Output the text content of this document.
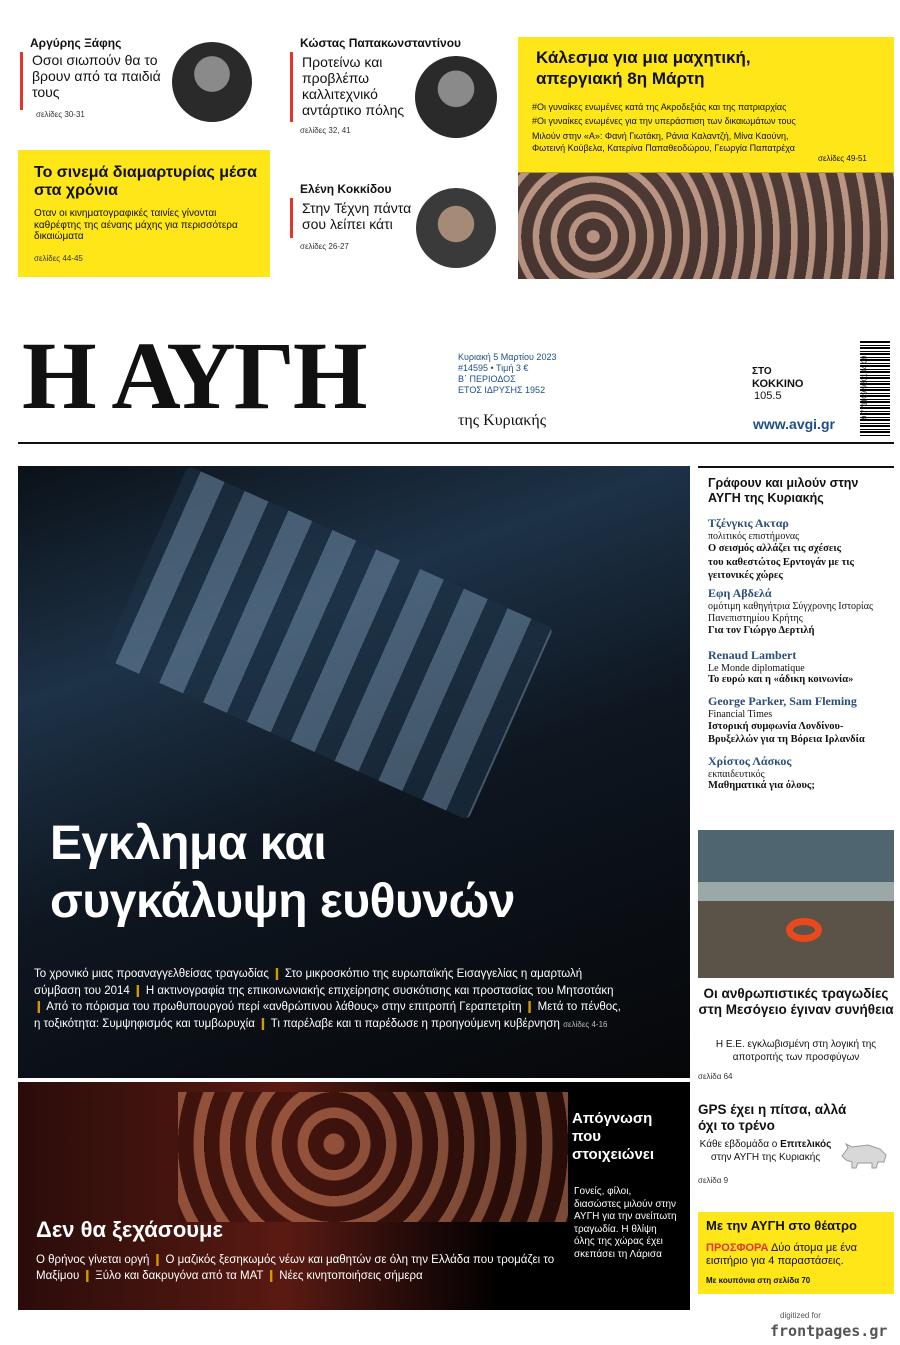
Αργύρης Ξάφης
Οσοι σιωπούν θα το βρουν από τα παιδιά τους
σελίδες 30-31
Κώστας Παπακωνσταντίνου
Προτείνω και προβλέπω καλλιτεχνικό αντάρτικο πόλης
σελίδες 32, 41
Το σινεμά διαμαρτυρίας μέσα στα χρόνια
Οταν οι κινηματογραφικές ταινίες γίνονται καθρέφτης της αέναης μάχης για περισσότερα δικαιώματα
σελίδες 44-45
Ελένη Κοκκίδου
Στην Τέχνη πάντα σου λείπει κάτι
σελίδες 26-27
Κάλεσμα για μια μαχητική, απεργιακή 8η Μάρτη
#Οι γυναίκες ενωμένες κατά της Ακροδεξιάς και της πατριαρχίας
#Οι γυναίκες ενωμένες για την υπεράσπιση των δικαιωμάτων τους
Μιλούν στην «Α»: Φανή Γιωτάκη, Ράνια Καλαντζή, Μίνα Καούνη, Φωτεινή Κούβελα, Κατερίνα Παπαθεοδώρου, Γεωργία Παπατρέχα
σελίδες 49-51
Η ΑΥΓΗ	της Κυριακής
Κυριακή 5 Μαρτίου 2023
#14595 • Τιμή 3 €
Β΄ ΠΕΡΙΟΔΟΣ
ΕΤΟΣ ΙΔΡΥΣΗΣ 1952
ΣΤΟ
ΚΟΚΚΙΝΟ
105.5
www.avgi.gr
9 771109 980104 09
Εγκλημα και
συγκάλυψη ευθυνών
Το χρονικό μιας προαναγγελθείσας τραγωδίας ❙ Στο μικροσκόπιο της ευρωπαϊκής Εισαγγελίας η αμαρτωλή σύμβαση του 2014 ❙ Η ακτινογραφία της επικοινωνιακής επιχείρησης συσκότισης και προστασίας του Μητσοτάκη ❙ Από το πόρισμα του πρωθυπουργού περί «ανθρώπινου λάθους» στην επιτροπή Γεραπετρίτη ❙ Μετά το πένθος, η τοξικότητα: Συμψηφισμός και τυμβωρυχία ❙ Τι παρέλαβε και τι παρέδωσε η προηγούμενη κυβέρνηση σελίδες 4-16
Δεν θα ξεχάσουμε
Ο θρήνος γίνεται οργή ❙ Ο μαζικός ξεσηκωμός νέων και μαθητών σε όλη την Ελλάδα που τρομάζει το Μαξίμου ❙ Ξύλο και δακρυγόνα από τα ΜΑΤ ❙ Νέες κινητοποιήσεις σήμερα
Απόγνωση που στοιχειώνει
Γονείς, φίλοι, διασώστες μιλούν στην ΑΥΓΗ για την ανείπωτη τραγωδία. Η θλίψη όλης της χώρας έχει σκεπάσει τη Λάρισα
Γράφουν και μιλούν στην ΑΥΓΗ της Κυριακής
Τζένγκις Ακταρ
πολιτικός επιστήμονας
Ο σεισμός αλλάζει τις σχέσεις του καθεστώτος Ερντογάν με τις γειτονικές χώρες
Εφη Αβδελά
ομότιμη καθηγήτρια Σύγχρονης Ιστορίας Πανεπιστημίου Κρήτης
Για τον Γιώργο Δερτιλή
Renaud Lambert
Le Monde diplomatique
Το ευρώ και η «άδικη κοινωνία»
George Parker, Sam Fleming
Financial Times
Ιστορική συμφωνία Λονδίνου-Βρυξελλών για τη Βόρεια Ιρλανδία
Χρίστος Λάσκος
εκπαιδευτικός
Μαθηματικά για όλους;
Οι ανθρωπιστικές τραγωδίες στη Μεσόγειο έγιναν συνήθεια
Η Ε.Ε. εγκλωβισμένη στη λογική της αποτροπής των προσφύγων
σελίδα 64
GPS έχει η πίτσα, αλλά όχι το τρένο
Κάθε εβδομάδα ο Επιτελικός στην ΑΥΓΗ της Κυριακής
σελίδα 9
Με την ΑΥΓΗ στο θέατρο
ΠΡΟΣΦΟΡΑ Δύο άτομα με ένα εισιτήριο για 4 παραστάσεις.
Με κουπόνια στη σελίδα 70
digitized for
frontpages.gr
